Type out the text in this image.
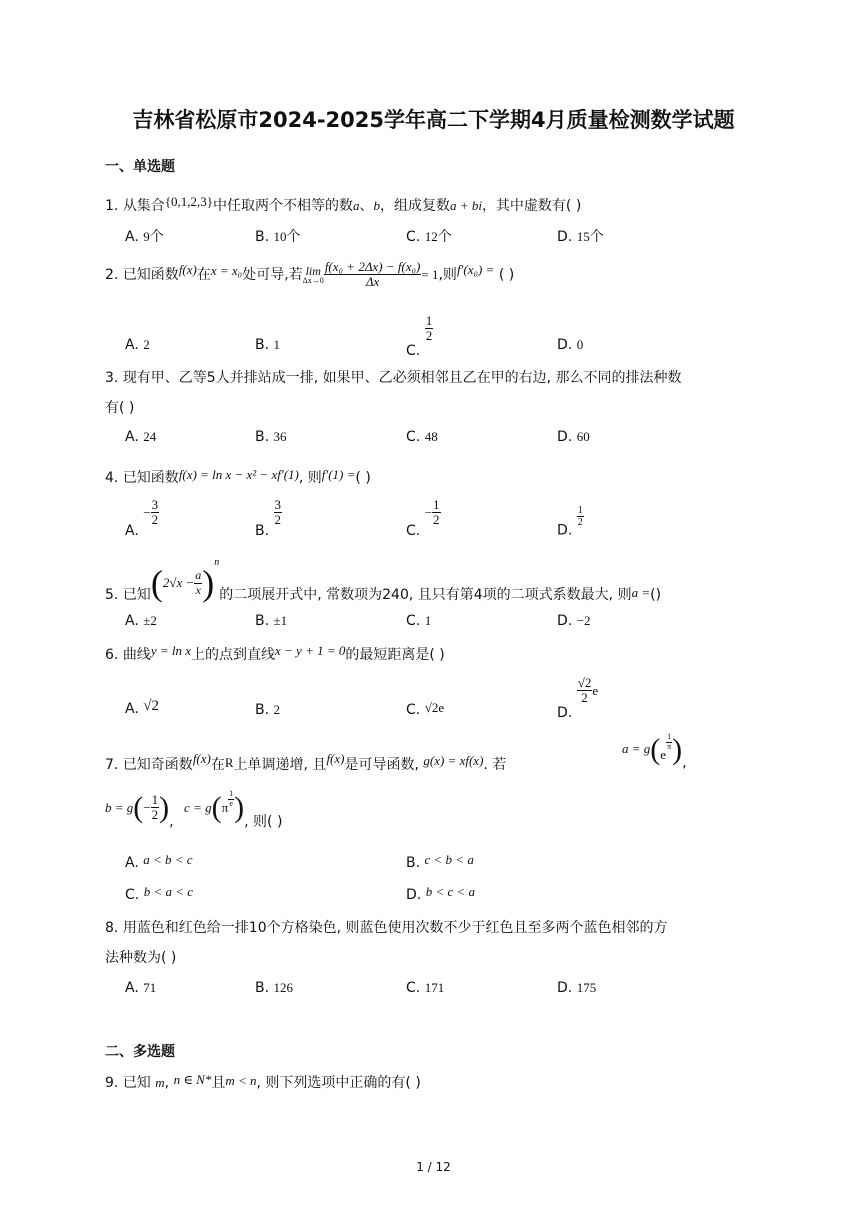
吉林省松原市2024-2025学年高二下学期4月质量检测数学试题
一、单选题
1. 从集合{0,1,2,3}中任取两个不相等的数a、b，组成复数a + bi，其中虚数有( )
A. 9个	B. 10个	C. 12个	D. 15个
2. 已知函数f(x)在x = x₀处可导,若 lim
$\Delta x\to 0 \frac{\text{f(x₀ + 2Δx) − f(x₀)}}{\Delta x} = 1$,则f′(x₀) = ( )
A. 2	B. 1	C.
$\frac{1}{2}$
D. 0
3. 现有甲、乙等5人并排站成一排, 如果甲、乙必须相邻且乙在甲的右边, 那么不同的排法种数
有( )
A. 24	B. 36	C. 48	D. 60
4. 已知函数f(x) = ln x − x² − xf′(1), 则f′(1) =( )
A. − $\frac{3}{2}$
B.
$\frac{3}{2}$
C. − $\frac{1}{2}$
D.
$\frac{1}{2}$
5. 已知$(2√x - \frac{a}{x} )^n$的二项展开式中, 常数项为240, 且只有第4项的二项式系数最大, 则a =()
A. ±2	B. ±1	C. 1	D. −2
6. 曲线y = ln x上的点到直线x − y + 1 = 0的最短距离是( )
A. √2	B. 2	C. √2e	D.
$\frac{√2}{2}$ e
7. 已知奇函数f(x)在R上单调递增, 且f(x)是可导函数, g(x) = xf(x). 若
a = g(e
$\frac{1}{\pi}$ ),
$b = g(- \frac{1}{2}$ ), $c = g(\pi \frac{1}{e}$ ), 则( )
A. a < b < c	B. c < b < a
C. b < a < c	D. b < c < a
8. 用蓝色和红色给一排10个方格染色, 则蓝色使用次数不少于红色且至多两个蓝色相邻的方
法种数为( )
A. 71	B. 126	C. 171	D. 175
二、多选题
9. 已知 m, n ∈ N*且m < n, 则下列选项中正确的有( )
1 / 12
